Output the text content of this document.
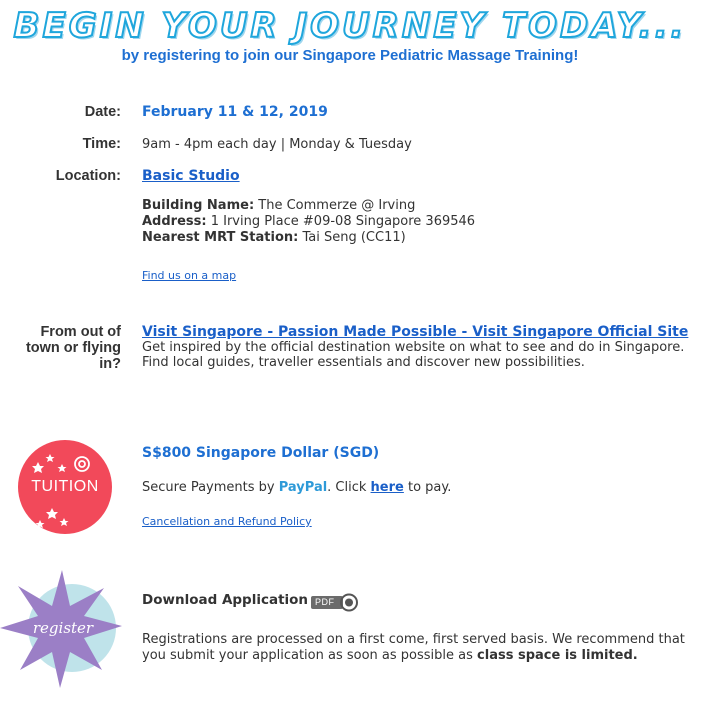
BEGIN YOUR JOURNEY TODAY...
by registering to join our Singapore Pediatric Massage Training!
Date: February 11 & 12, 2019
Time: 9am - 4pm each day | Monday & Tuesday
Location: Basic Studio
Building Name: The Commerze @ Irving
Address: 1 Irving Place #09-08 Singapore 369546
Nearest MRT Station: Tai Seng (CC11)
Find us on a map
From out of
town or flying
in?
Visit Singapore - Passion Made Possible - Visit Singapore Official Site
Get inspired by the official destination website on what to see and do in Singapore.
Find local guides, traveller essentials and discover new possibilities.
TUITION
S$800 Singapore Dollar (SGD)
Secure Payments by PayPal. Click here to pay.
Cancellation and Refund Policy
register
Download Application PDF
Registrations are processed on a first come, first served basis. We recommend that
you submit your application as soon as possible as class space is limited.
